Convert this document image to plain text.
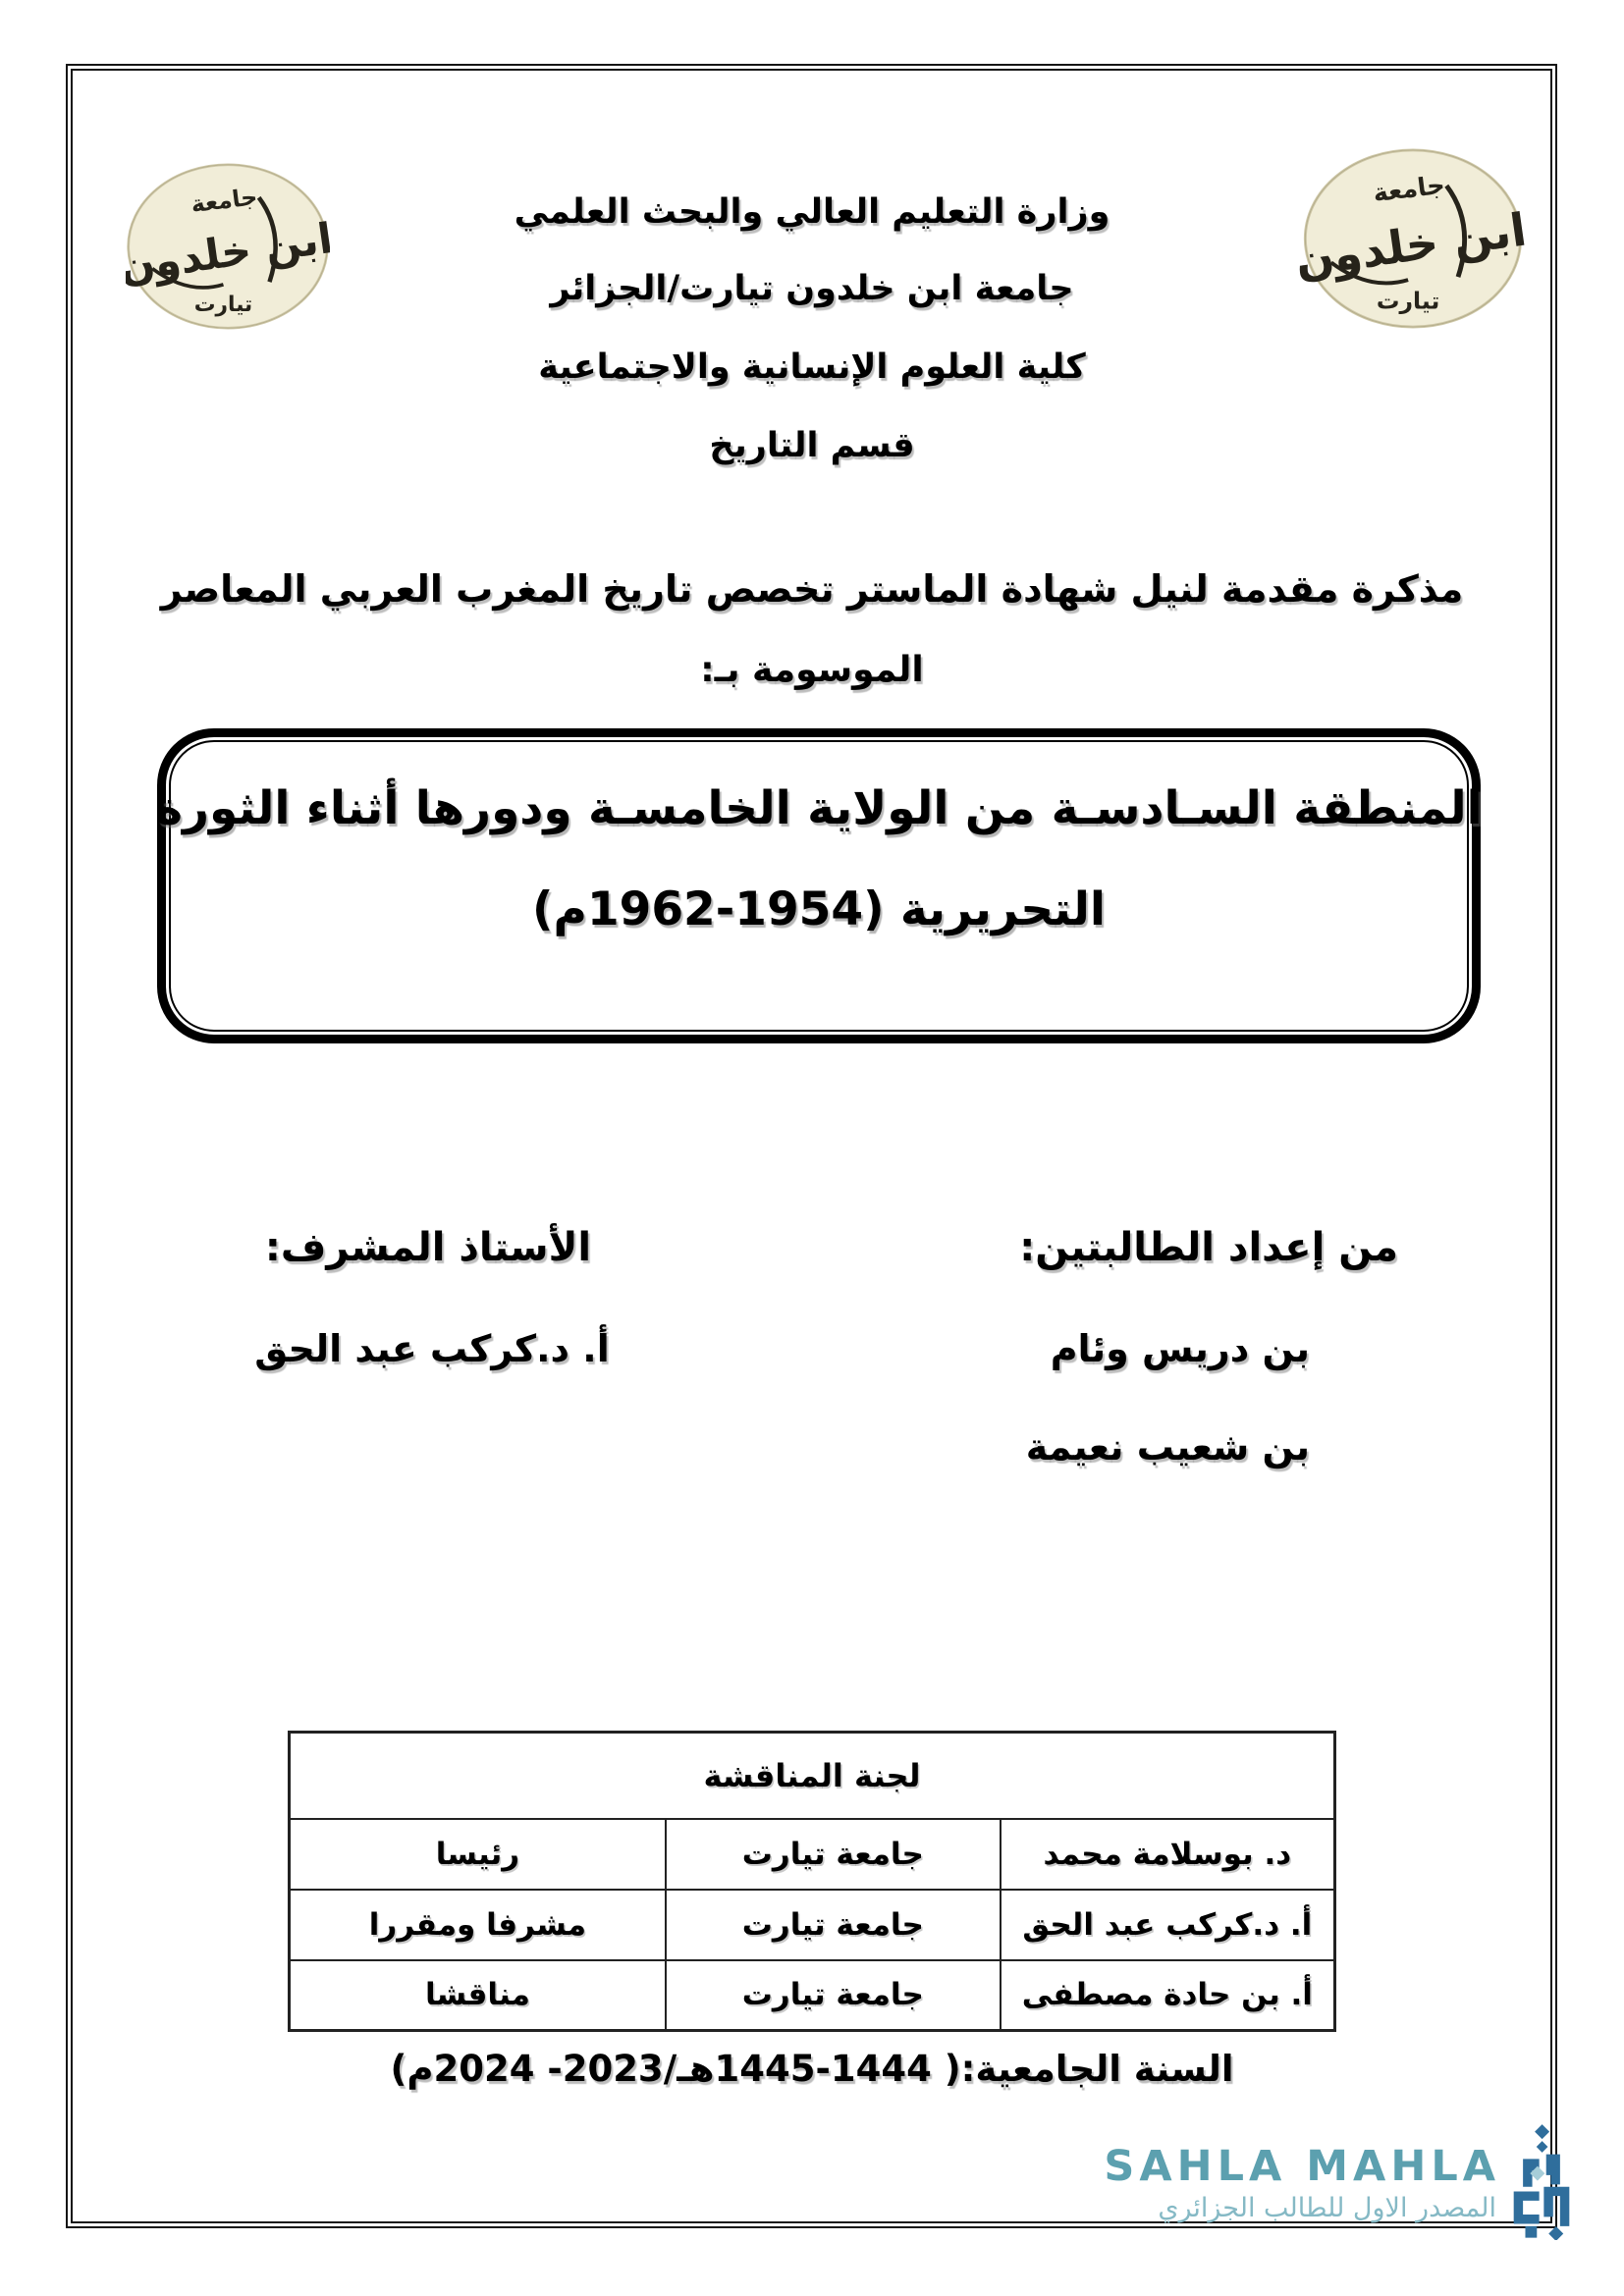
جامعة
ابن خلدون
تيارت
جامعة
ابن خلدون
تيارت
وزارة التعليم العالي والبحث العلمي
جامعة ابن خلدون تيارت/الجزائر
كلية العلوم الإنسانية والاجتماعية
قسم التاريخ
مذكرة مقدمة لنيل شهادة الماستر تخصص تاريخ المغرب العربي المعاصر
الموسومة بـ:
المنطقة السـادسـة من الولاية الخامسـة ودورها أثناء الثورة
التحريرية (1954-1962م)
من إعداد الطالبتين:
بن دريس وئام
بن شعيب نعيمة
الأستاذ المشرف:
أ. د.كركب عبد الحق
لجنة المناقشة		
د. بوسلامة محمد	جامعة تيارت	رئيسا
أ. د.كركب عبد الحق	جامعة تيارت	مشرفا ومقررا
أ. بن حادة مصطفى	جامعة تيارت	مناقشا
السنة الجامعية:( 1444-1445هـ/2023- 2024م)
SAHLA MAHLA
المصدر الاول للطالب الجزائري
